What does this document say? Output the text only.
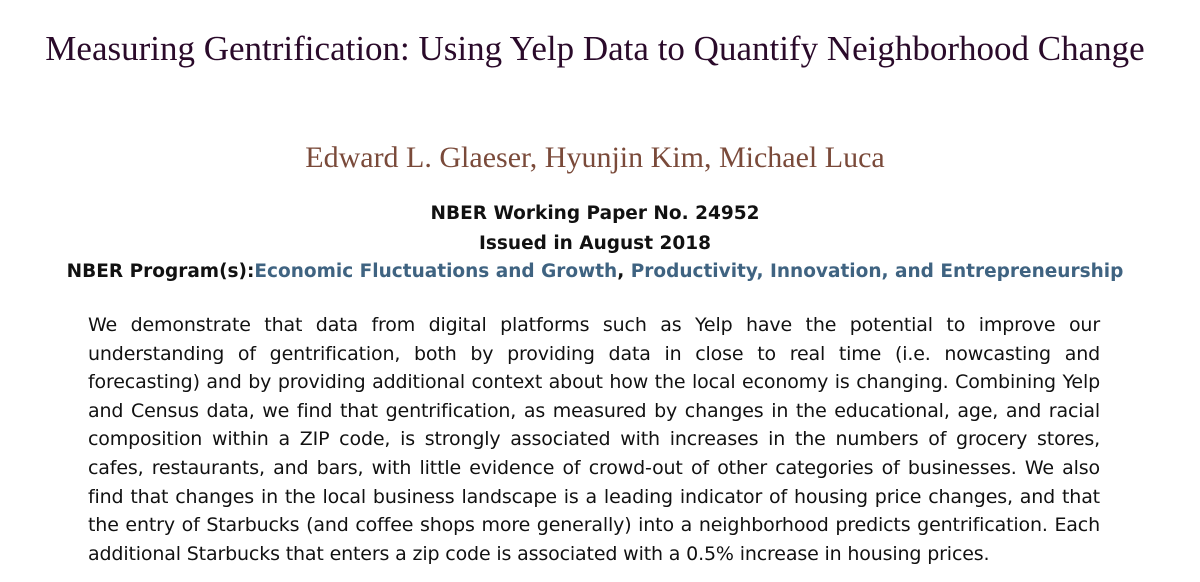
Measuring Gentrification: Using Yelp Data to Quantify Neighborhood Change
Edward L. Glaeser, Hyunjin Kim, Michael Luca
NBER Working Paper No. 24952
Issued in August 2018
NBER Program(s):Economic Fluctuations and Growth, Productivity, Innovation, and Entrepreneurship

We demonstrate that data from digital platforms such as Yelp have the potential to improve our understanding of gentrification, both by providing data in close to real time (i.e. nowcasting and forecasting) and by providing additional context about how the local economy is changing. Combining Yelp and Census data, we find that gentrification, as measured by changes in the educational, age, and racial composition within a ZIP code, is strongly associated with increases in the numbers of grocery stores, cafes, restaurants, and bars, with little evidence of crowd-out of other categories of businesses. We also find that changes in the local business landscape is a leading indicator of housing price changes, and that the entry of Starbucks (and coffee shops more generally) into a neighborhood predicts gentrification. Each additional Starbucks that enters a zip code is associated with a 0.5% increase in housing prices.
